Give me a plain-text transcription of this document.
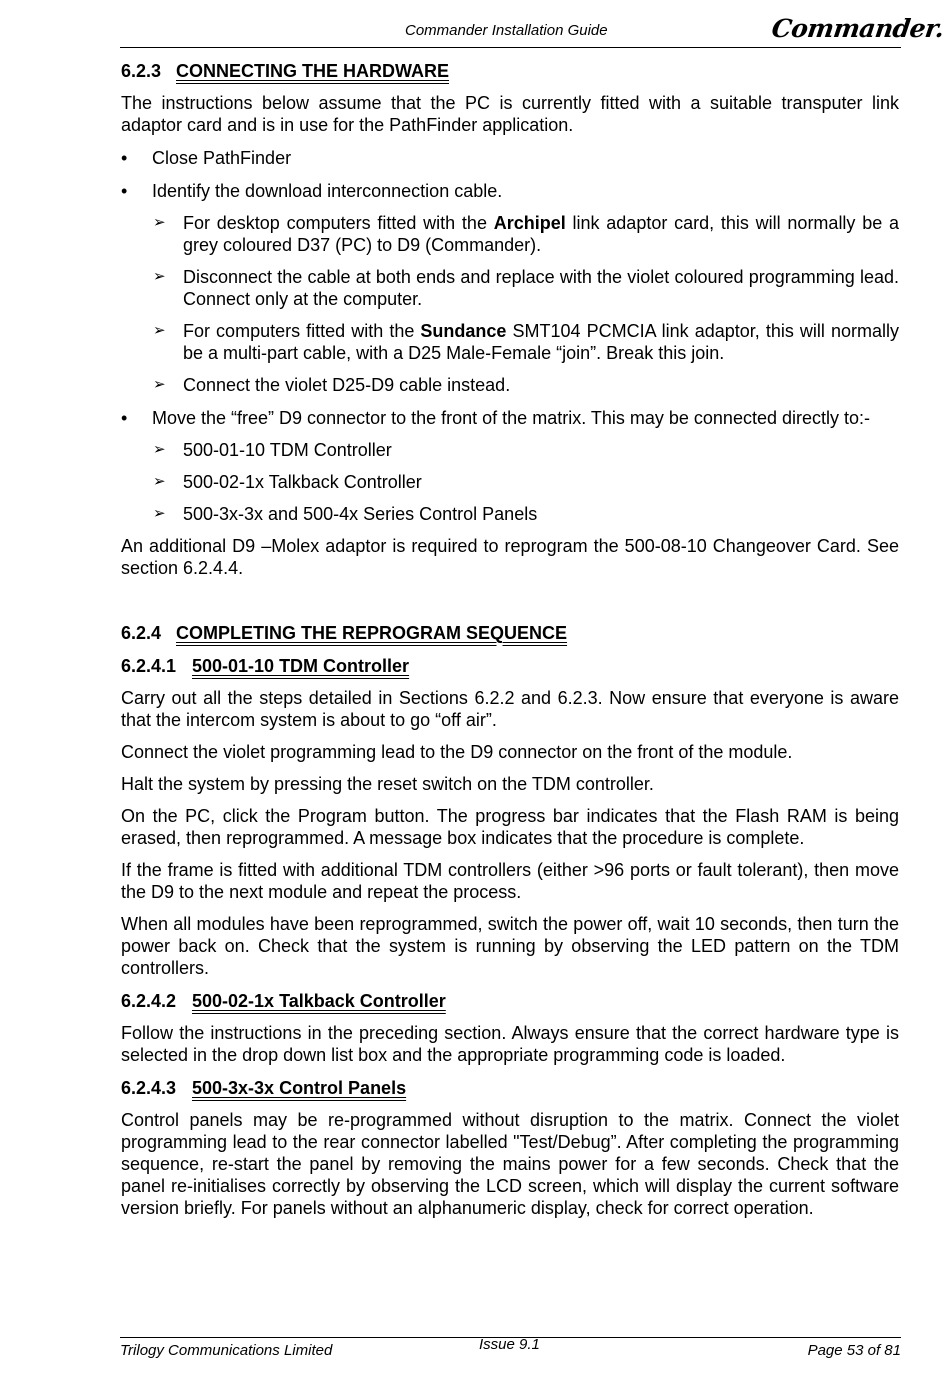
Commander Installation Guide	Commander.
6.2.3 CONNECTING THE HARDWARE

The instructions below assume that the PC is currently fitted with a suitable transputer link adaptor card and is in use for the PathFinder application.

• Close PathFinder
• Identify the download interconnection cable.
➢ For desktop computers fitted with the Archipel link adaptor card, this will normally be a grey coloured D37 (PC) to D9 (Commander).
➢ Disconnect the cable at both ends and replace with the violet coloured programming lead. Connect only at the computer.
➢ For computers fitted with the Sundance SMT104 PCMCIA link adaptor, this will normally be a multi-part cable, with a D25 Male-Female “join”. Break this join.
➢ Connect the violet D25-D9 cable instead.
• Move the “free” D9 connector to the front of the matrix. This may be connected directly to:-
➢ 500-01-10 TDM Controller
➢ 500-02-1x Talkback Controller
➢ 500-3x-3x and 500-4x Series Control Panels

An additional D9 –Molex adaptor is required to reprogram the 500-08-10 Changeover Card. See section 6.2.4.4.

6.2.4 COMPLETING THE REPROGRAM SEQUENCE
6.2.4.1 500-01-10 TDM Controller

Carry out all the steps detailed in Sections 6.2.2 and 6.2.3. Now ensure that everyone is aware that the intercom system is about to go “off air”.

Connect the violet programming lead to the D9 connector on the front of the module.

Halt the system by pressing the reset switch on the TDM controller.

On the PC, click the Program button. The progress bar indicates that the Flash RAM is being erased, then reprogrammed. A message box indicates that the procedure is complete.

If the frame is fitted with additional TDM controllers (either >96 ports or fault tolerant), then move the D9 to the next module and repeat the process.

When all modules have been reprogrammed, switch the power off, wait 10 seconds, then turn the power back on. Check that the system is running by observing the LED pattern on the TDM controllers.

6.2.4.2 500-02-1x Talkback Controller

Follow the instructions in the preceding section. Always ensure that the correct hardware type is selected in the drop down list box and the appropriate programming code is loaded.

6.2.4.3 500-3x-3x Control Panels

Control panels may be re-programmed without disruption to the matrix. Connect the violet programming lead to the rear connector labelled "Test/Debug”. After completing the programming sequence, re-start the panel by removing the mains power for a few seconds. Check that the panel re-initialises correctly by observing the LCD screen, which will display the current software version briefly. For panels without an alphanumeric display, check for correct operation.

Trilogy Communications Limited	Issue 9.1	Page 53 of 81
